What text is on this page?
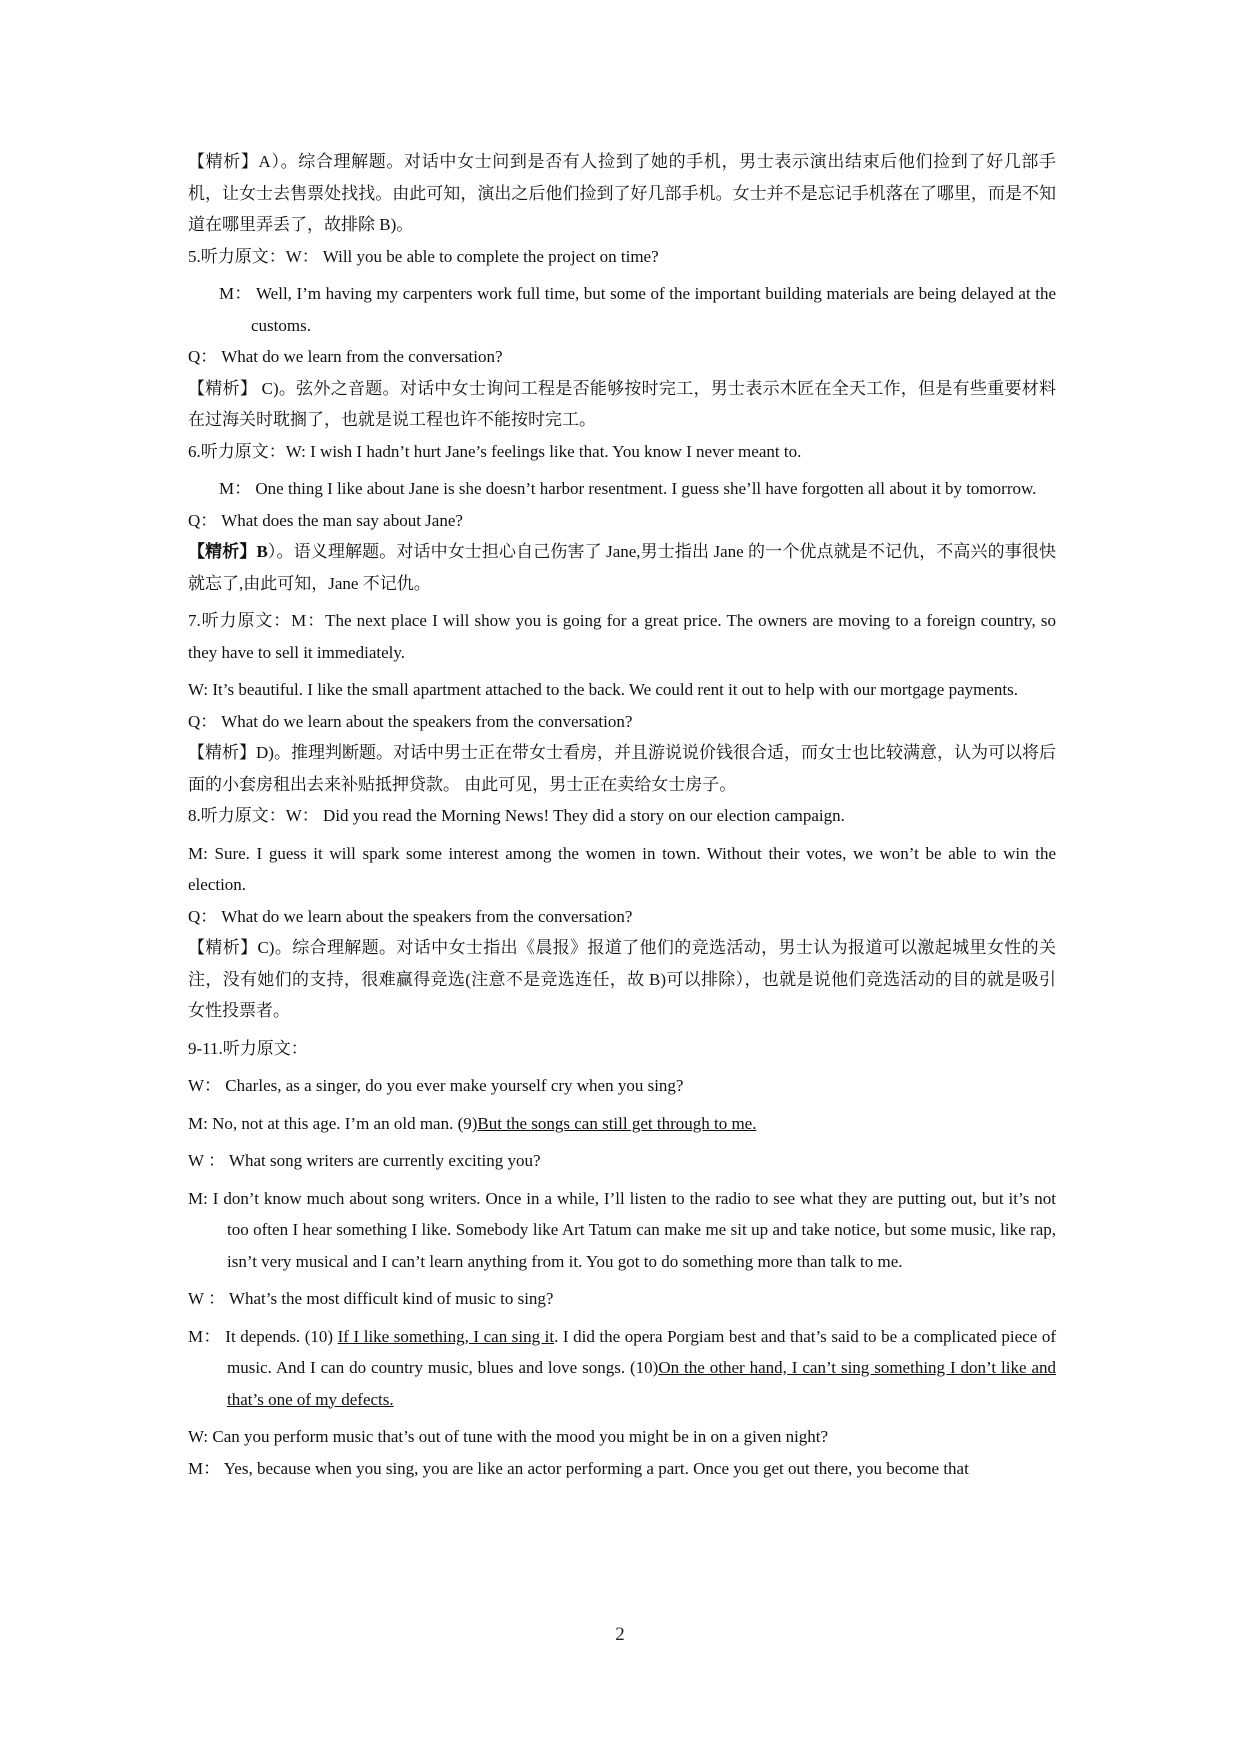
【精析】A）。综合理解题。对话中女士问到是否有人捡到了她的手机，男士表示演出结束后他们捡到了好几部手机，让女士去售票处找找。由此可知，演出之后他们捡到了好几部手机。女士并不是忘记手机落在了哪里，而是不知道在哪里弄丢了，故排除 B)。

5.听力原文：W： Will you be able to complete the project on time?

M： Well, I’m having my carpenters work full time, but some of the important building materials are being delayed at the customs.

Q： What do we learn from the conversation?

【精析】 C)。弦外之音题。对话中女士询问工程是否能够按时完工，男士表示木匠在全天工作，但是有些重要材料在过海关时耽搁了，也就是说工程也许不能按时完工。

6.听力原文：W: I wish I hadn’t hurt Jane’s feelings like that. You know I never meant to.

M： One thing I like about Jane is she doesn’t harbor resentment. I guess she’ll have forgotten all about it by tomorrow.

Q： What does the man say about Jane?

【精析】B）。语义理解题。对话中女士担心自己伤害了 Jane,男士指出 Jane 的一个优点就是不记仇，不高兴的事很快就忘了,由此可知，Jane 不记仇。

7.听力原文：M：The next place I will show you is going for a great price. The owners are moving to a foreign country, so they have to sell it immediately.

W: It’s beautiful. I like the small apartment attached to the back. We could rent it out to help with our mortgage payments.

Q： What do we learn about the speakers from the conversation?

【精析】D)。推理判断题。对话中男士正在带女士看房，并且游说说价钱很合适，而女士也比较满意，认为可以将后面的小套房租出去来补贴抵押贷款。 由此可见，男士正在卖给女士房子。

8.听力原文：W： Did you read the Morning News! They did a story on our election campaign.

M: Sure. I guess it will spark some interest among the women in town. Without their votes, we won’t be able to win the election.

Q： What do we learn about the speakers from the conversation?

【精析】C)。综合理解题。对话中女士指出《晨报》报道了他们的竞选活动，男士认为报道可以激起城里女性的关注，没有她们的支持，很难赢得竞选(注意不是竞选连任，故 B)可以排除），也就是说他们竞选活动的目的就是吸引女性投票者。

9-11.听力原文：

W： Charles, as a singer, do you ever make yourself cry when you sing?

M: No, not at this age. I’m an old man. (9)But the songs can still get through to me.

W ： What song writers are currently exciting you?

M: I don’t know much about song writers. Once in a while, I’ll listen to the radio to see what they are putting out, but it’s not too often I hear something I like. Somebody like Art Tatum can make me sit up and take notice, but some music, like rap, isn’t very musical and I can’t learn anything from it. You got to do something more than talk to me.

W ： What’s the most difficult kind of music to sing?

M： It depends. (10) If I like something, I can sing it. I did the opera Porgiam best and that’s said to be a complicated piece of music. And I can do country music, blues and love songs. (10)On the other hand, I can’t sing something I don’t like and that’s one of my defects.

W: Can you perform music that’s out of tune with the mood you might be in on a given night?

M： Yes, because when you sing, you are like an actor performing a part. Once you get out there, you become that

2
